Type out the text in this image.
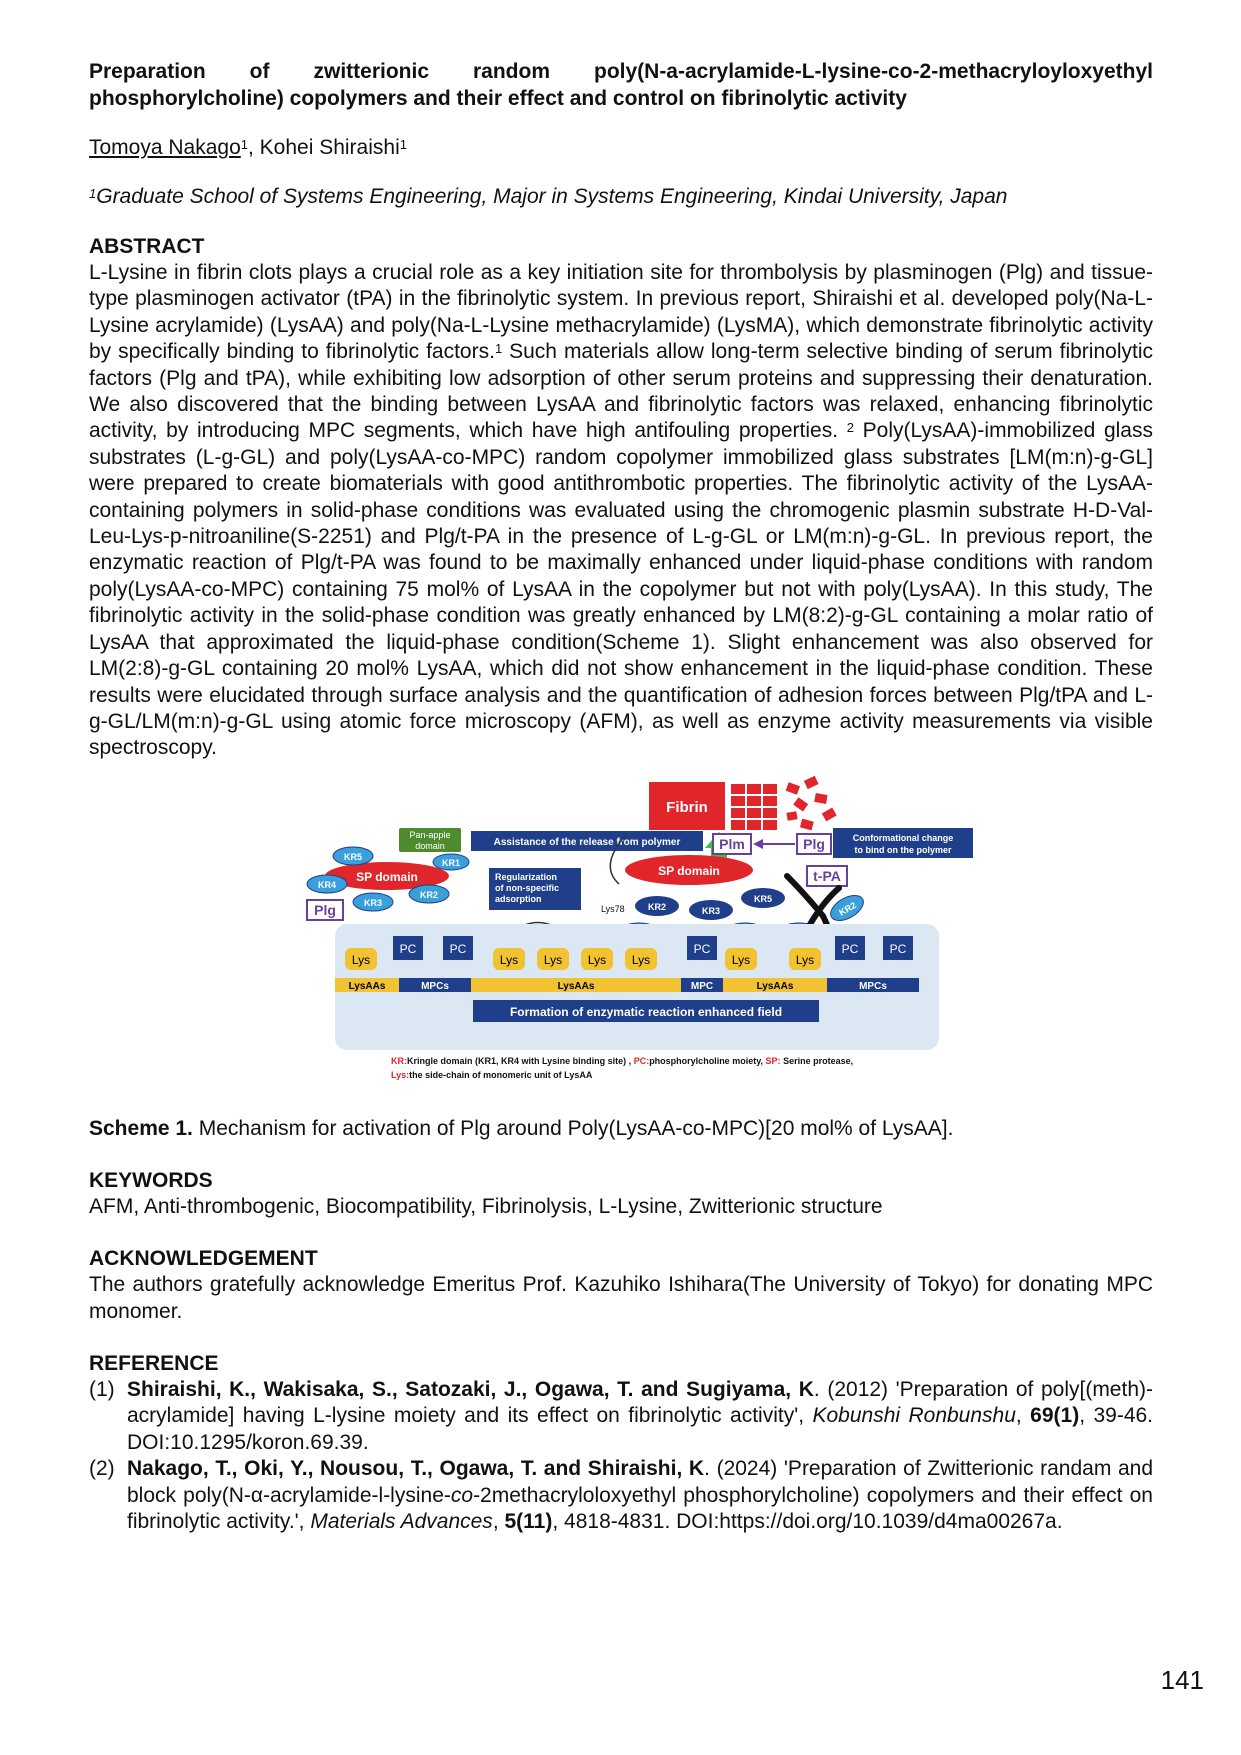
Preparation of zwitterionic random poly(N-a-acrylamide-L-lysine-co-2-methacryloyloxyethyl
phosphorylcholine) copolymers and their effect and control on fibrinolytic activity

Tomoya Nakago$^1$, Kohei Shiraishi$^1$
$^1$Graduate School of Systems Engineering, Major in Systems Engineering, Kindai University, Japan

ABSTRACT

L-Lysine in fibrin clots plays a crucial role as a key initiation site for thrombolysis by plasminogen (Plg) and tissue-type plasminogen activator (tPA) in the fibrinolytic system. In previous report, Shiraishi et al. developed poly(Na-L-Lysine acrylamide) (LysAA) and poly(Na-L-Lysine methacrylamide) (LysMA), which demonstrate fibrinolytic activity by specifically binding to fibrinolytic factors.$^1$ Such materials allow long-term selective binding of serum fibrinolytic factors (Plg and tPA), while exhibiting low adsorption of other serum proteins and suppressing their denaturation. We also discovered that the binding between LysAA and fibrinolytic factors was relaxed, enhancing fibrinolytic activity, by introducing MPC segments, which have high antifouling properties. $^2$ Poly(LysAA)-immobilized glass substrates (L-g-GL) and poly(LysAA-co-MPC) random copolymer immobilized glass substrates [LM(m:n)-g-GL] were prepared to create biomaterials with good antithrombotic properties. The fibrinolytic activity of the LysAA-containing polymers in solid-phase conditions was evaluated using the chromogenic plasmin substrate H-D-Val-Leu-Lys-p-nitroaniline(S-2251) and Plg/t-PA in the presence of L-g-GL or LM(m:n)-g-GL. In previous report, the enzymatic reaction of Plg/t-PA was found to be maximally enhanced under liquid-phase conditions with random poly(LysAA-co-MPC) containing 75 mol% of LysAA in the copolymer but not with poly(LysAA). In this study, The fibrinolytic activity in the solid-phase condition was greatly enhanced by LM(8:2)-g-GL containing a molar ratio of LysAA that approximated the liquid-phase condition(Scheme 1). Slight enhancement was also observed for LM(2:8)-g-GL containing 20 mol% LysAA, which did not show enhancement in the liquid-phase condition. These results were elucidated through surface analysis and the quantification of adhesion forces between Plg/tPA and L-g-GL/LM(m:n)-g-GL using atomic force microscopy (AFM), as well as enzyme activity measurements via visible spectroscopy.

Fibrin
Pan-apple
domain	Assistance of the release from polymer	Plm	Plg	Conformational change
to bind on the polymer
SP domain
KR5
KR1
KR4
KR2
KR3
Plg
Regularization
of non-specific
adsorption
SP domain
Lys78	KR2	KR3
KR5
t-PA
KR2
Lys
PC	PC
Lys Lys Lys Lys
PC
Lys	Lys
PC	PC
LysAAs	MPCs	LysAAs	MPC	LysAAs	MPCs
Formation of enzymatic reaction enhanced field
KR:Kringle domain (KR1, KR4 with Lysine binding site) , PC:phosphorylcholine moiety, SP: Serine protease,
Lys:the side-chain of monomeric unit of LysAA
Scheme 1. Mechanism for activation of Plg around Poly(LysAA-co-MPC)[20 mol% of LysAA].

KEYWORDS

AFM, Anti-thrombogenic, Biocompatibility, Fibrinolysis, L-Lysine, Zwitterionic structure

ACKNOWLEDGEMENT

The authors gratefully acknowledge Emeritus Prof. Kazuhiko Ishihara(The University of Tokyo) for donating MPC monomer.

REFERENCE

(1) Shiraishi, K., Wakisaka, S., Satozaki, J., Ogawa, T. and Sugiyama, K. (2012) 'Preparation of poly[(meth)-acrylamide] having L-lysine moiety and its effect on fibrinolytic activity', Kobunshi Ronbunshu, 69(1), 39-46. DOI:10.1295/koron.69.39.
(2) Nakago, T., Oki, Y., Nousou, T., Ogawa, T. and Shiraishi, K. (2024) 'Preparation of Zwitterionic randam and block poly(N-α-acrylamide-l-lysine-co-2methacryloloxyethyl phosphorylcholine) copolymers and their effect on fibrinolytic activity.', Materials Advances, 5(11), 4818-4831. DOI:https://doi.org/10.1039/d4ma00267a.
141
